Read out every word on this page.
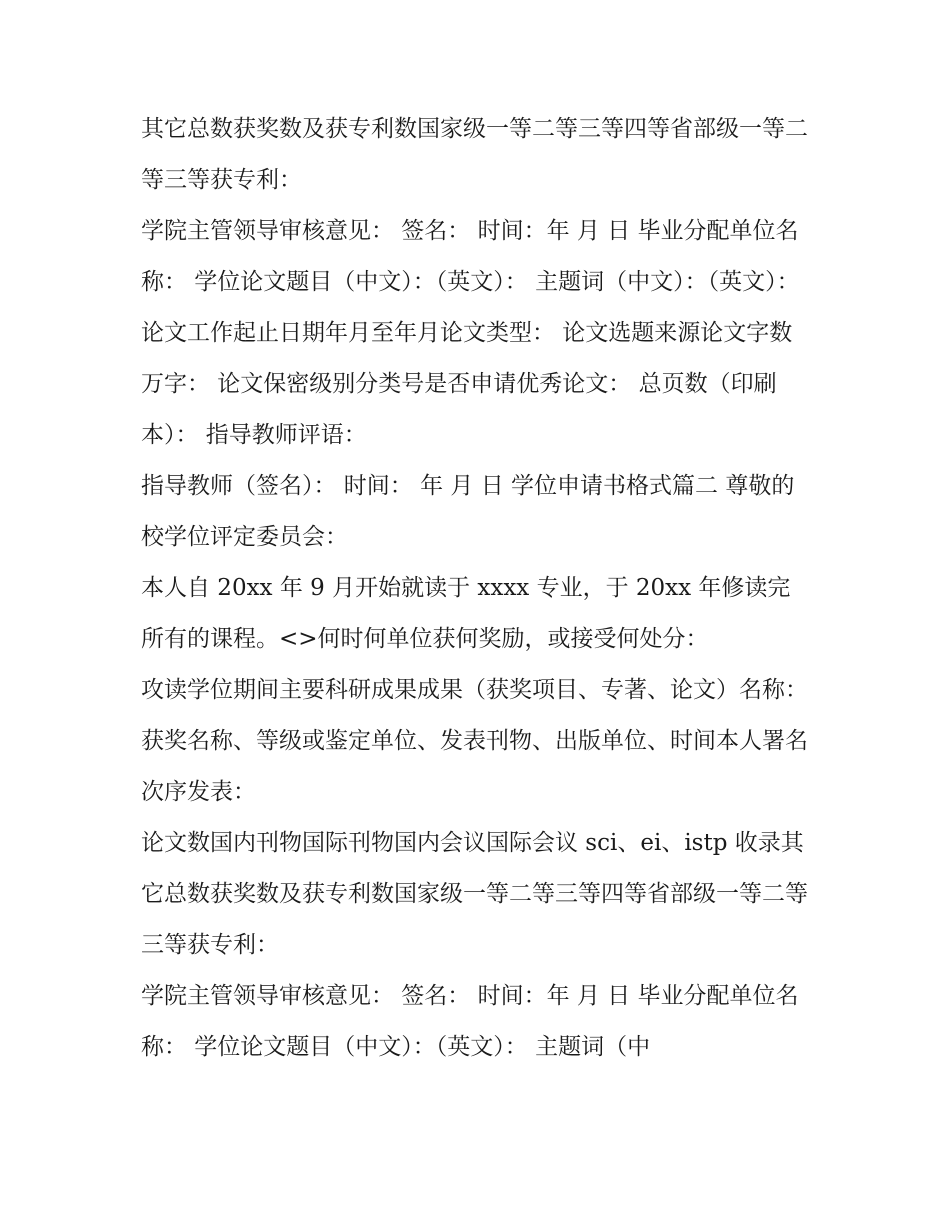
其它总数获奖数及获专利数国家级一等二等三等四等省部级一等二等三等获专利：

学院主管领导审核意见： 签名： 时间：年 月 日 毕业分配单位名称： 学位论文题目（中文）：（英文）： 主题词（中文）：（英文）：

论文工作起止日期年月至年月论文类型： 论文选题来源论文字数万字： 论文保密级别分类号是否申请优秀论文： 总页数（印刷本）： 指导教师评语：

指导教师（签名）： 时间： 年 月 日 学位申请书格式篇二 尊敬的校学位评定委员会：

本人自 20xx 年 9 月开始就读于 xxxx 专业，于 20xx 年修读完所有的课程。<>何时何单位获何奖励，或接受何处分：

攻读学位期间主要科研成果成果（获奖项目、专著、论文）名称： 获奖名称、等级或鉴定单位、发表刊物、出版单位、时间本人署名次序发表：

论文数国内刊物国际刊物国内会议国际会议 sci、ei、istp 收录其它总数获奖数及获专利数国家级一等二等三等四等省部级一等二等三等获专利：

学院主管领导审核意见： 签名： 时间：年 月 日 毕业分配单位名称： 学位论文题目（中文）：（英文）： 主题词（中
